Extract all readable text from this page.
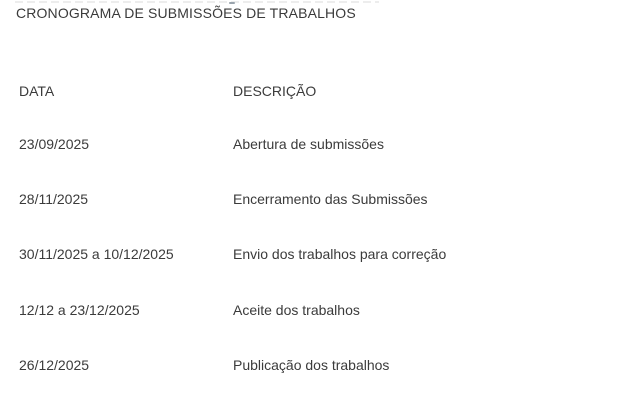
CRONOGRAMA DE SUBMISSÕES DE TRABALHOS
DATA	DESCRIÇÃO
23/09/2025	Abertura de submissões
28/11/2025	Encerramento das Submissões
30/11/2025 a 10/12/2025	Envio dos trabalhos para correção
12/12 a 23/12/2025	Aceite dos trabalhos
26/12/2025	Publicação dos trabalhos
